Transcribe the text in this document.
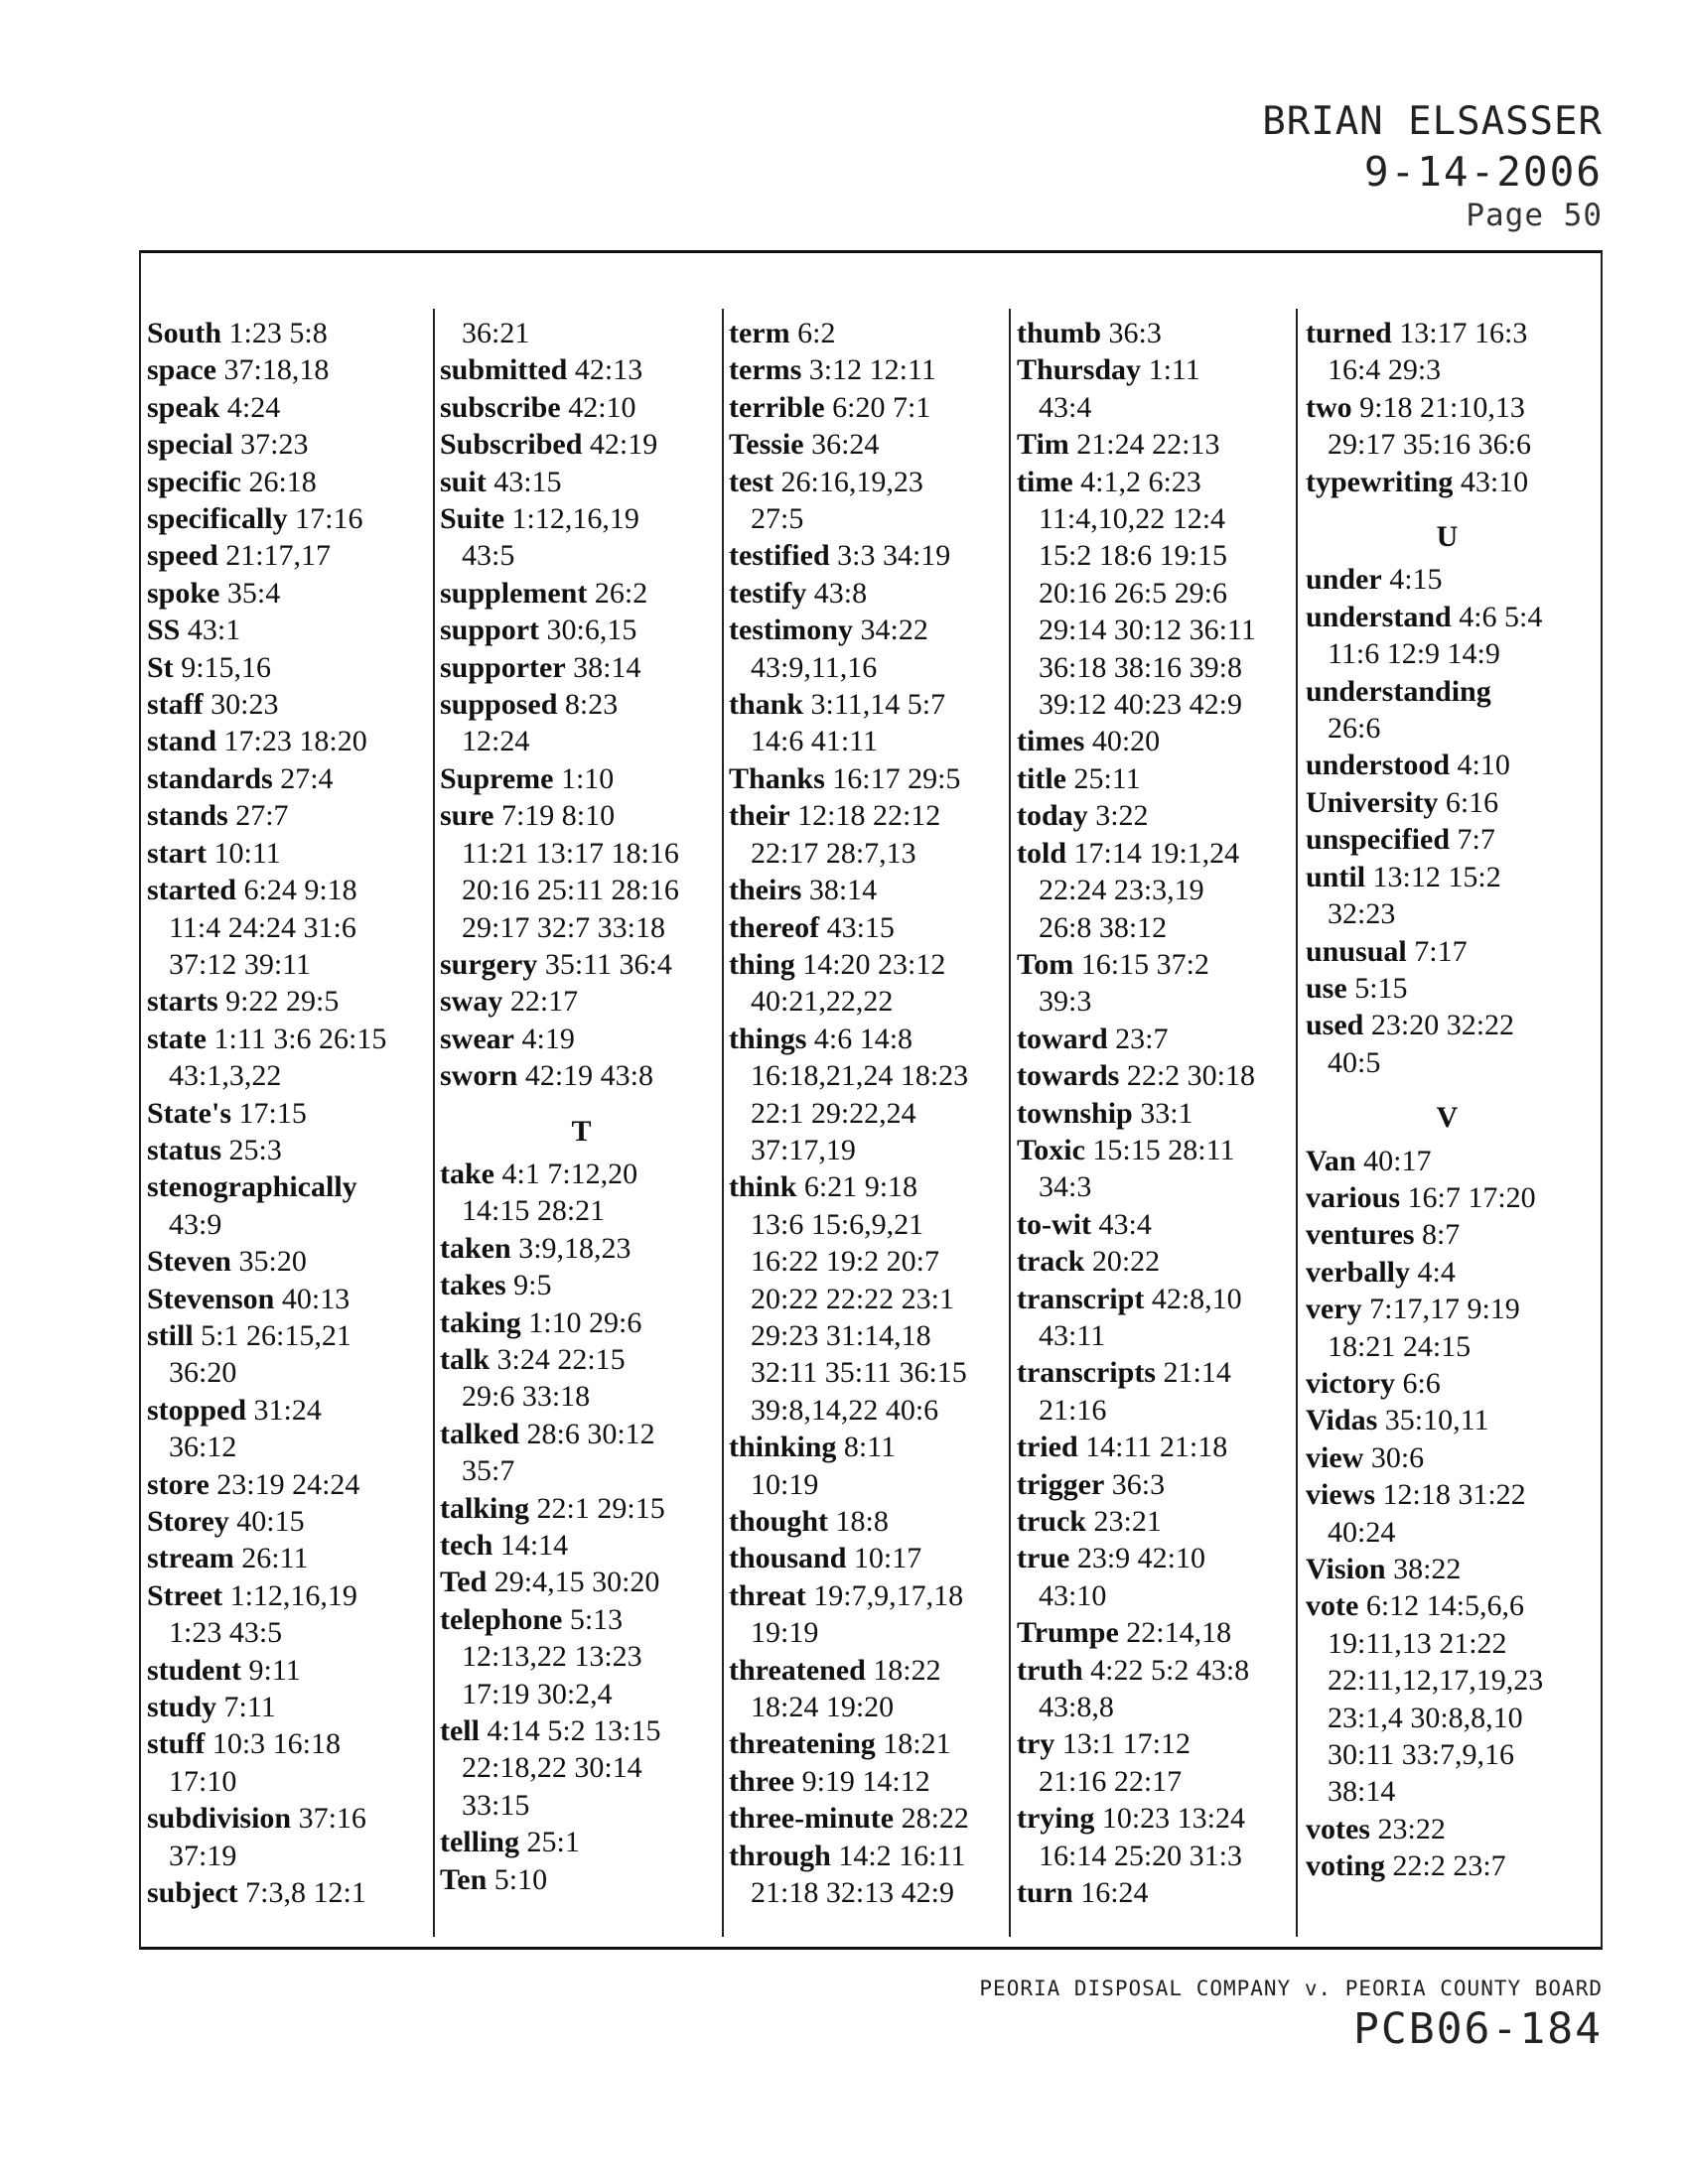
BRIAN ELSASSER
9-14-2006
Page 50
South 1:23 5:8
space 37:18,18
speak 4:24
special 37:23
specific 26:18
specifically 17:16
speed 21:17,17
spoke 35:4
SS 43:1
St 9:15,16
staff 30:23
stand 17:23 18:20
standards 27:4
stands 27:7
start 10:11
started 6:24 9:18
11:4 24:24 31:6
37:12 39:11
starts 9:22 29:5
state 1:11 3:6 26:15
43:1,3,22
State's 17:15
status 25:3
stenographically
43:9
Steven 35:20
Stevenson 40:13
still 5:1 26:15,21
36:20
stopped 31:24
36:12
store 23:19 24:24
Storey 40:15
stream 26:11
Street 1:12,16,19
1:23 43:5
student 9:11
study 7:11
stuff 10:3 16:18
17:10
subdivision 37:16
37:19
subject 7:3,8 12:1
36:21
submitted 42:13
subscribe 42:10
Subscribed 42:19
suit 43:15
Suite 1:12,16,19
43:5
supplement 26:2
support 30:6,15
supporter 38:14
supposed 8:23
12:24
Supreme 1:10
sure 7:19 8:10
11:21 13:17 18:16
20:16 25:11 28:16
29:17 32:7 33:18
surgery 35:11 36:4
sway 22:17
swear 4:19
sworn 42:19 43:8
T
take 4:1 7:12,20
14:15 28:21
taken 3:9,18,23
takes 9:5
taking 1:10 29:6
talk 3:24 22:15
29:6 33:18
talked 28:6 30:12
35:7
talking 22:1 29:15
tech 14:14
Ted 29:4,15 30:20
telephone 5:13
12:13,22 13:23
17:19 30:2,4
tell 4:14 5:2 13:15
22:18,22 30:14
33:15
telling 25:1
Ten 5:10
term 6:2
terms 3:12 12:11
terrible 6:20 7:1
Tessie 36:24
test 26:16,19,23
27:5
testified 3:3 34:19
testify 43:8
testimony 34:22
43:9,11,16
thank 3:11,14 5:7
14:6 41:11
Thanks 16:17 29:5
their 12:18 22:12
22:17 28:7,13
theirs 38:14
thereof 43:15
thing 14:20 23:12
40:21,22,22
things 4:6 14:8
16:18,21,24 18:23
22:1 29:22,24
37:17,19
think 6:21 9:18
13:6 15:6,9,21
16:22 19:2 20:7
20:22 22:22 23:1
29:23 31:14,18
32:11 35:11 36:15
39:8,14,22 40:6
thinking 8:11
10:19
thought 18:8
thousand 10:17
threat 19:7,9,17,18
19:19
threatened 18:22
18:24 19:20
threatening 18:21
three 9:19 14:12
three-minute 28:22
through 14:2 16:11
21:18 32:13 42:9
thumb 36:3
Thursday 1:11
43:4
Tim 21:24 22:13
time 4:1,2 6:23
11:4,10,22 12:4
15:2 18:6 19:15
20:16 26:5 29:6
29:14 30:12 36:11
36:18 38:16 39:8
39:12 40:23 42:9
times 40:20
title 25:11
today 3:22
told 17:14 19:1,24
22:24 23:3,19
26:8 38:12
Tom 16:15 37:2
39:3
toward 23:7
towards 22:2 30:18
township 33:1
Toxic 15:15 28:11
34:3
to-wit 43:4
track 20:22
transcript 42:8,10
43:11
transcripts 21:14
21:16
tried 14:11 21:18
trigger 36:3
truck 23:21
true 23:9 42:10
43:10
Trumpe 22:14,18
truth 4:22 5:2 43:8
43:8,8
try 13:1 17:12
21:16 22:17
trying 10:23 13:24
16:14 25:20 31:3
turn 16:24
turned 13:17 16:3
16:4 29:3
two 9:18 21:10,13
29:17 35:16 36:6
typewriting 43:10
U
under 4:15
understand 4:6 5:4
11:6 12:9 14:9
understanding
26:6
understood 4:10
University 6:16
unspecified 7:7
until 13:12 15:2
32:23
unusual 7:17
use 5:15
used 23:20 32:22
40:5
V
Van 40:17
various 16:7 17:20
ventures 8:7
verbally 4:4
very 7:17,17 9:19
18:21 24:15
victory 6:6
Vidas 35:10,11
view 30:6
views 12:18 31:22
40:24
Vision 38:22
vote 6:12 14:5,6,6
19:11,13 21:22
22:11,12,17,19,23
23:1,4 30:8,8,10
30:11 33:7,9,16
38:14
votes 23:22
voting 22:2 23:7
PEORIA DISPOSAL COMPANY v. PEORIA COUNTY BOARD
PCB06-184
